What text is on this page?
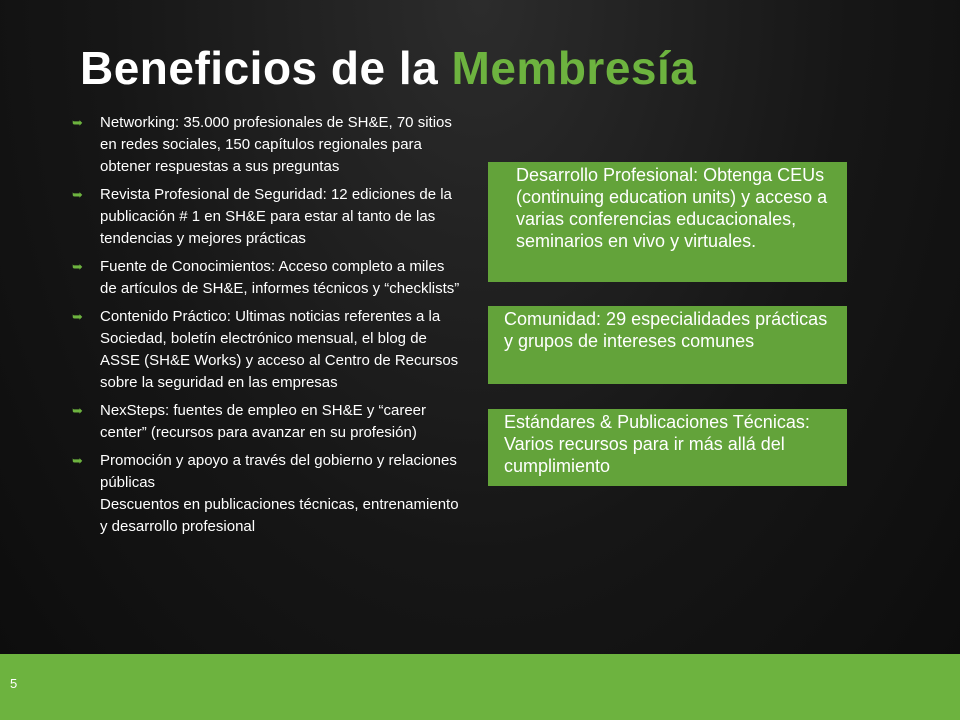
Beneficios de la Membresía
➥	Networking: 35.000 profesionales de SH&E, 70 sitios en redes sociales, 150 capítulos regionales para obtener respuestas a sus preguntas
➥	Revista Profesional de Seguridad: 12 ediciones de la publicación # 1 en SH&E para estar al tanto de las tendencias y mejores prácticas
➥	Fuente de Conocimientos: Acceso completo a miles de artículos de SH&E, informes técnicos y “checklists”
➥	Contenido Práctico: Ultimas noticias referentes a la Sociedad, boletín electrónico mensual, el blog de ASSE (SH&E Works) y acceso al Centro de Recursos sobre la seguridad en las empresas
➥	NexSteps: fuentes de empleo en SH&E y “career center” (recursos para avanzar en su profesión)
➥	Promoción y apoyo a través del gobierno y relaciones públicas
Descuentos en publicaciones técnicas, entrenamiento y desarrollo profesional
Desarrollo Profesional: Obtenga CEUs (continuing education units) y acceso a varias conferencias educacionales, seminarios en vivo y virtuales.
Comunidad: 29 especialidades prácticas y grupos de intereses comunes
Estándares & Publicaciones Técnicas: Varios recursos para ir más allá del cumplimiento
5
